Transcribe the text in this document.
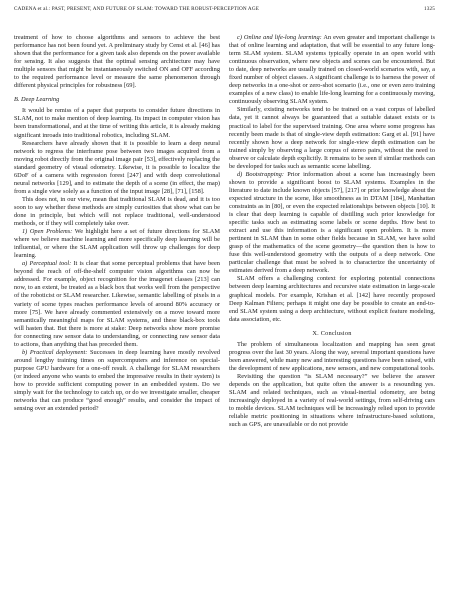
CADENA et al.: PAST, PRESENT, AND FUTURE OF SLAM: TOWARD THE ROBUST-PERCEPTION AGE	1325

treatment of how to choose algorithms and sensors to achieve the best performance has not been found yet. A preliminary study by Censi et al. [46] has shown that the performance for a given task also depends on the power available for sensing. It also suggests that the optimal sensing architecture may have multiple sensors that might be instantaneously switched ON and OFF according to the required performance level or measure the same phenomenon through different physical principles for robustness [69].

B. Deep Learning

It would be remiss of a paper that purports to consider future directions in SLAM, not to make mention of deep learning. Its impact in computer vision has been transformational, and at the time of writing this article, it is already making significant inroads into traditional robotics, including SLAM.

Researchers have already shown that it is possible to learn a deep neural network to regress the interframe pose between two images acquired from a moving robot directly from the original image pair [53], effectively replacing the standard geometry of visual odometry. Likewise, it is possible to localize the 6DoF of a camera with regression forest [247] and with deep convolutional neural networks [129], and to estimate the depth of a scene (in effect, the map) from a single view solely as a function of the input image [28], [71], [158].

This does not, in our view, mean that traditional SLAM is dead, and it is too soon to say whether these methods are simply curiosities that show what can be done in principle, but which will not replace traditional, well-understood methods, or if they will completely take over.

1) Open Problems: We highlight here a set of future directions for SLAM where we believe machine learning and more specifically deep learning will be influential, or where the SLAM application will throw up challenges for deep learning.

a) Perceptual tool: It is clear that some perceptual problems that have been beyond the reach of off-the-shelf computer vision algorithms can now be addressed. For example, object recognition for the imagenet classes [213] can now, to an extent, be treated as a black box that works well from the perspective of the roboticist or SLAM researcher. Likewise, semantic labelling of pixels in a variety of scene types reaches performance levels of around 80% accuracy or more [75]. We have already commented extensively on a move toward more semantically meaningful maps for SLAM systems, and these black-box tools will hasten that. But there is more at stake: Deep networks show more promise for connecting raw sensor data to understanding, or connecting raw sensor data to actions, than anything that has preceded them.

b) Practical deployment: Successes in deep learning have mostly revolved around lengthy training times on supercomputers and inference on special-purpose GPU hardware for a one-off result. A challenge for SLAM researchers (or indeed anyone who wants to embed the impressive results in their system) is how to provide sufficient computing power in an embedded system. Do we simply wait for the technology to catch up, or do we investigate smaller, cheaper networks that can produce “good enough” results, and consider the impact of sensing over an extended period?

c) Online and life-long learning: An even greater and important challenge is that of online learning and adaptation, that will be essential to any future long-term SLAM system. SLAM systems typically operate in an open world with continuous observation, where new objects and scenes can be encountered. But to date, deep networks are usually trained on closed-world scenarios with, say, a fixed number of object classes. A significant challenge is to harness the power of deep networks in a one-shot or zero-shot scenario (i.e., one or even zero training examples of a new class) to enable life-long learning for a continuously moving, continuously observing SLAM system.

Similarly, existing networks tend to be trained on a vast corpus of labelled data, yet it cannot always be guaranteed that a suitable dataset exists or is practical to label for the supervised training. One area where some progress has recently been made is that of single-view depth estimation: Garg et al. [91] have recently shown how a deep network for single-view depth estimation can be trained simply by observing a large corpus of stereo pairs, without the need to observe or calculate depth explicitly. It remains to be seen if similar methods can be developed for tasks such as semantic scene labelling.

d) Bootstrapping: Prior information about a scene has increasingly been shown to provide a significant boost to SLAM systems. Examples in the literature to date include known objects [57], [217] or prior knowledge about the expected structure in the scene, like smoothness as in DTAM [184], Manhattan constraints as in [80], or even the expected relationships between objects [10]. It is clear that deep learning is capable of distilling such prior knowledge for specific tasks such as estimating scene labels or scene depths. How best to extract and use this information is a significant open problem. It is more pertinent in SLAM than in some other fields because in SLAM, we have solid grasp of the mathematics of the scene geometry—the question then is how to fuse this well-understood geometry with the outputs of a deep network. One particular challenge that must be solved is to characterize the uncertainty of estimates derived from a deep network.

SLAM offers a challenging context for exploring potential connections between deep learning architectures and recursive state estimation in large-scale graphical models. For example, Krishan et al. [142] have recently proposed Deep Kalman Filters; perhaps it might one day be possible to create an end-to-end SLAM system using a deep architecture, without explicit feature modeling, data association, etc.

X. Conclusion

The problem of simultaneous localization and mapping has seen great progress over the last 30 years. Along the way, several important questions have been answered, while many new and interesting questions have been raised, with the development of new applications, new sensors, and new computational tools.

Revisiting the question “is SLAM necessary?” we believe the answer depends on the application, but quite often the answer is a resounding yes. SLAM and related techniques, such as visual-inertial odometry, are being increasingly deployed in a variety of real-world settings, from self-driving cars to mobile devices. SLAM techniques will be increasingly relied upon to provide reliable metric positioning in situations where infrastructure-based solutions, such as GPS, are unavailable or do not provide
